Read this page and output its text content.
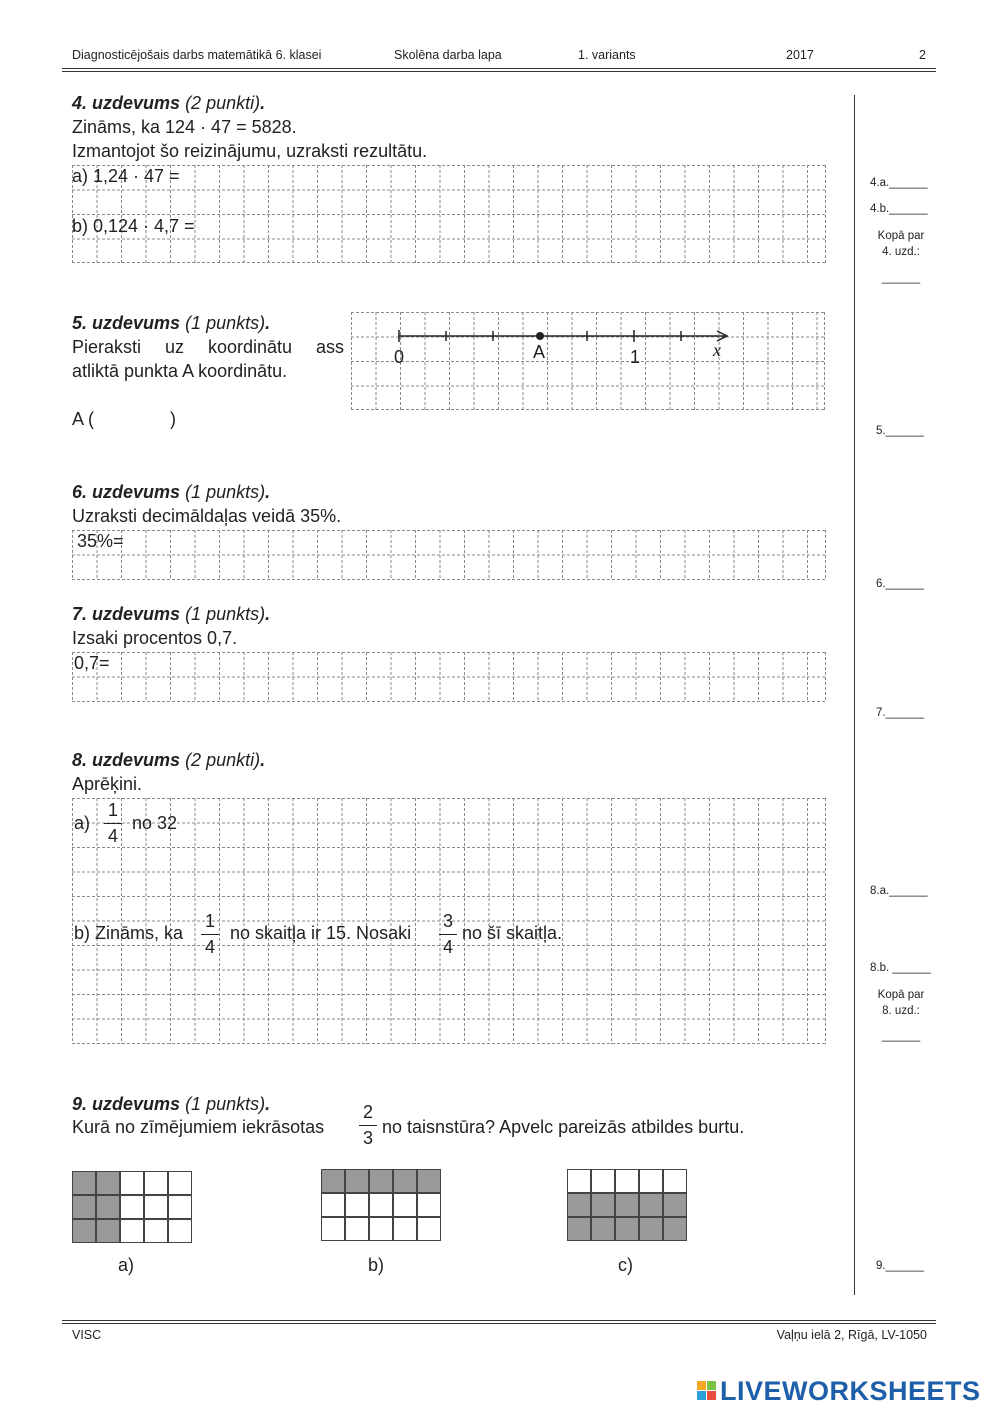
Diagnosticējošais darbs matemātikā 6. klasei	Skolēna darba lapa	1. variants	2017	2
4. uzdevums (2 punkti).
Zināms, ka 124 · 47 = 5828.
Izmantojot šo reizinājumu, uzraksti rezultātu.
a) 1,24 · 47 =
b) 0,124 · 4,7 =
5. uzdevums (1 punkts).
Pieraksti uz koordinātu ass
atliktā punkta A koordinātu.
A (	)
0	A	1	x
6. uzdevums (1 punkts).
Uzraksti decimāldaļas veidā 35%.
35%=
7. uzdevums (1 punkts).
Izsaki procentos 0,7.
0,7=
8. uzdevums (2 punkti).
Aprēķini.
a)
1
4
no 32
b) Zināms, ka
1
4
no skaitļa ir 15. Nosaki
3
4
no šī skaitļa.
9. uzdevums (1 punkts).
Kurā no zīmējumiem iekrāsotas
2
3
no taisnstūra? Apvelc pareizās atbildes burtu.
a)	b)	c)
4.a.______
4.b.______
Kopā par
4. uzd.:
______
5.______
6.______
7.______
8.a.______
8.b. ______
Kopā par
8. uzd.:
______
9.______
VISC	Vaļņu ielā 2, Rīgā, LV-1050
LIVEWORKSHEETS
